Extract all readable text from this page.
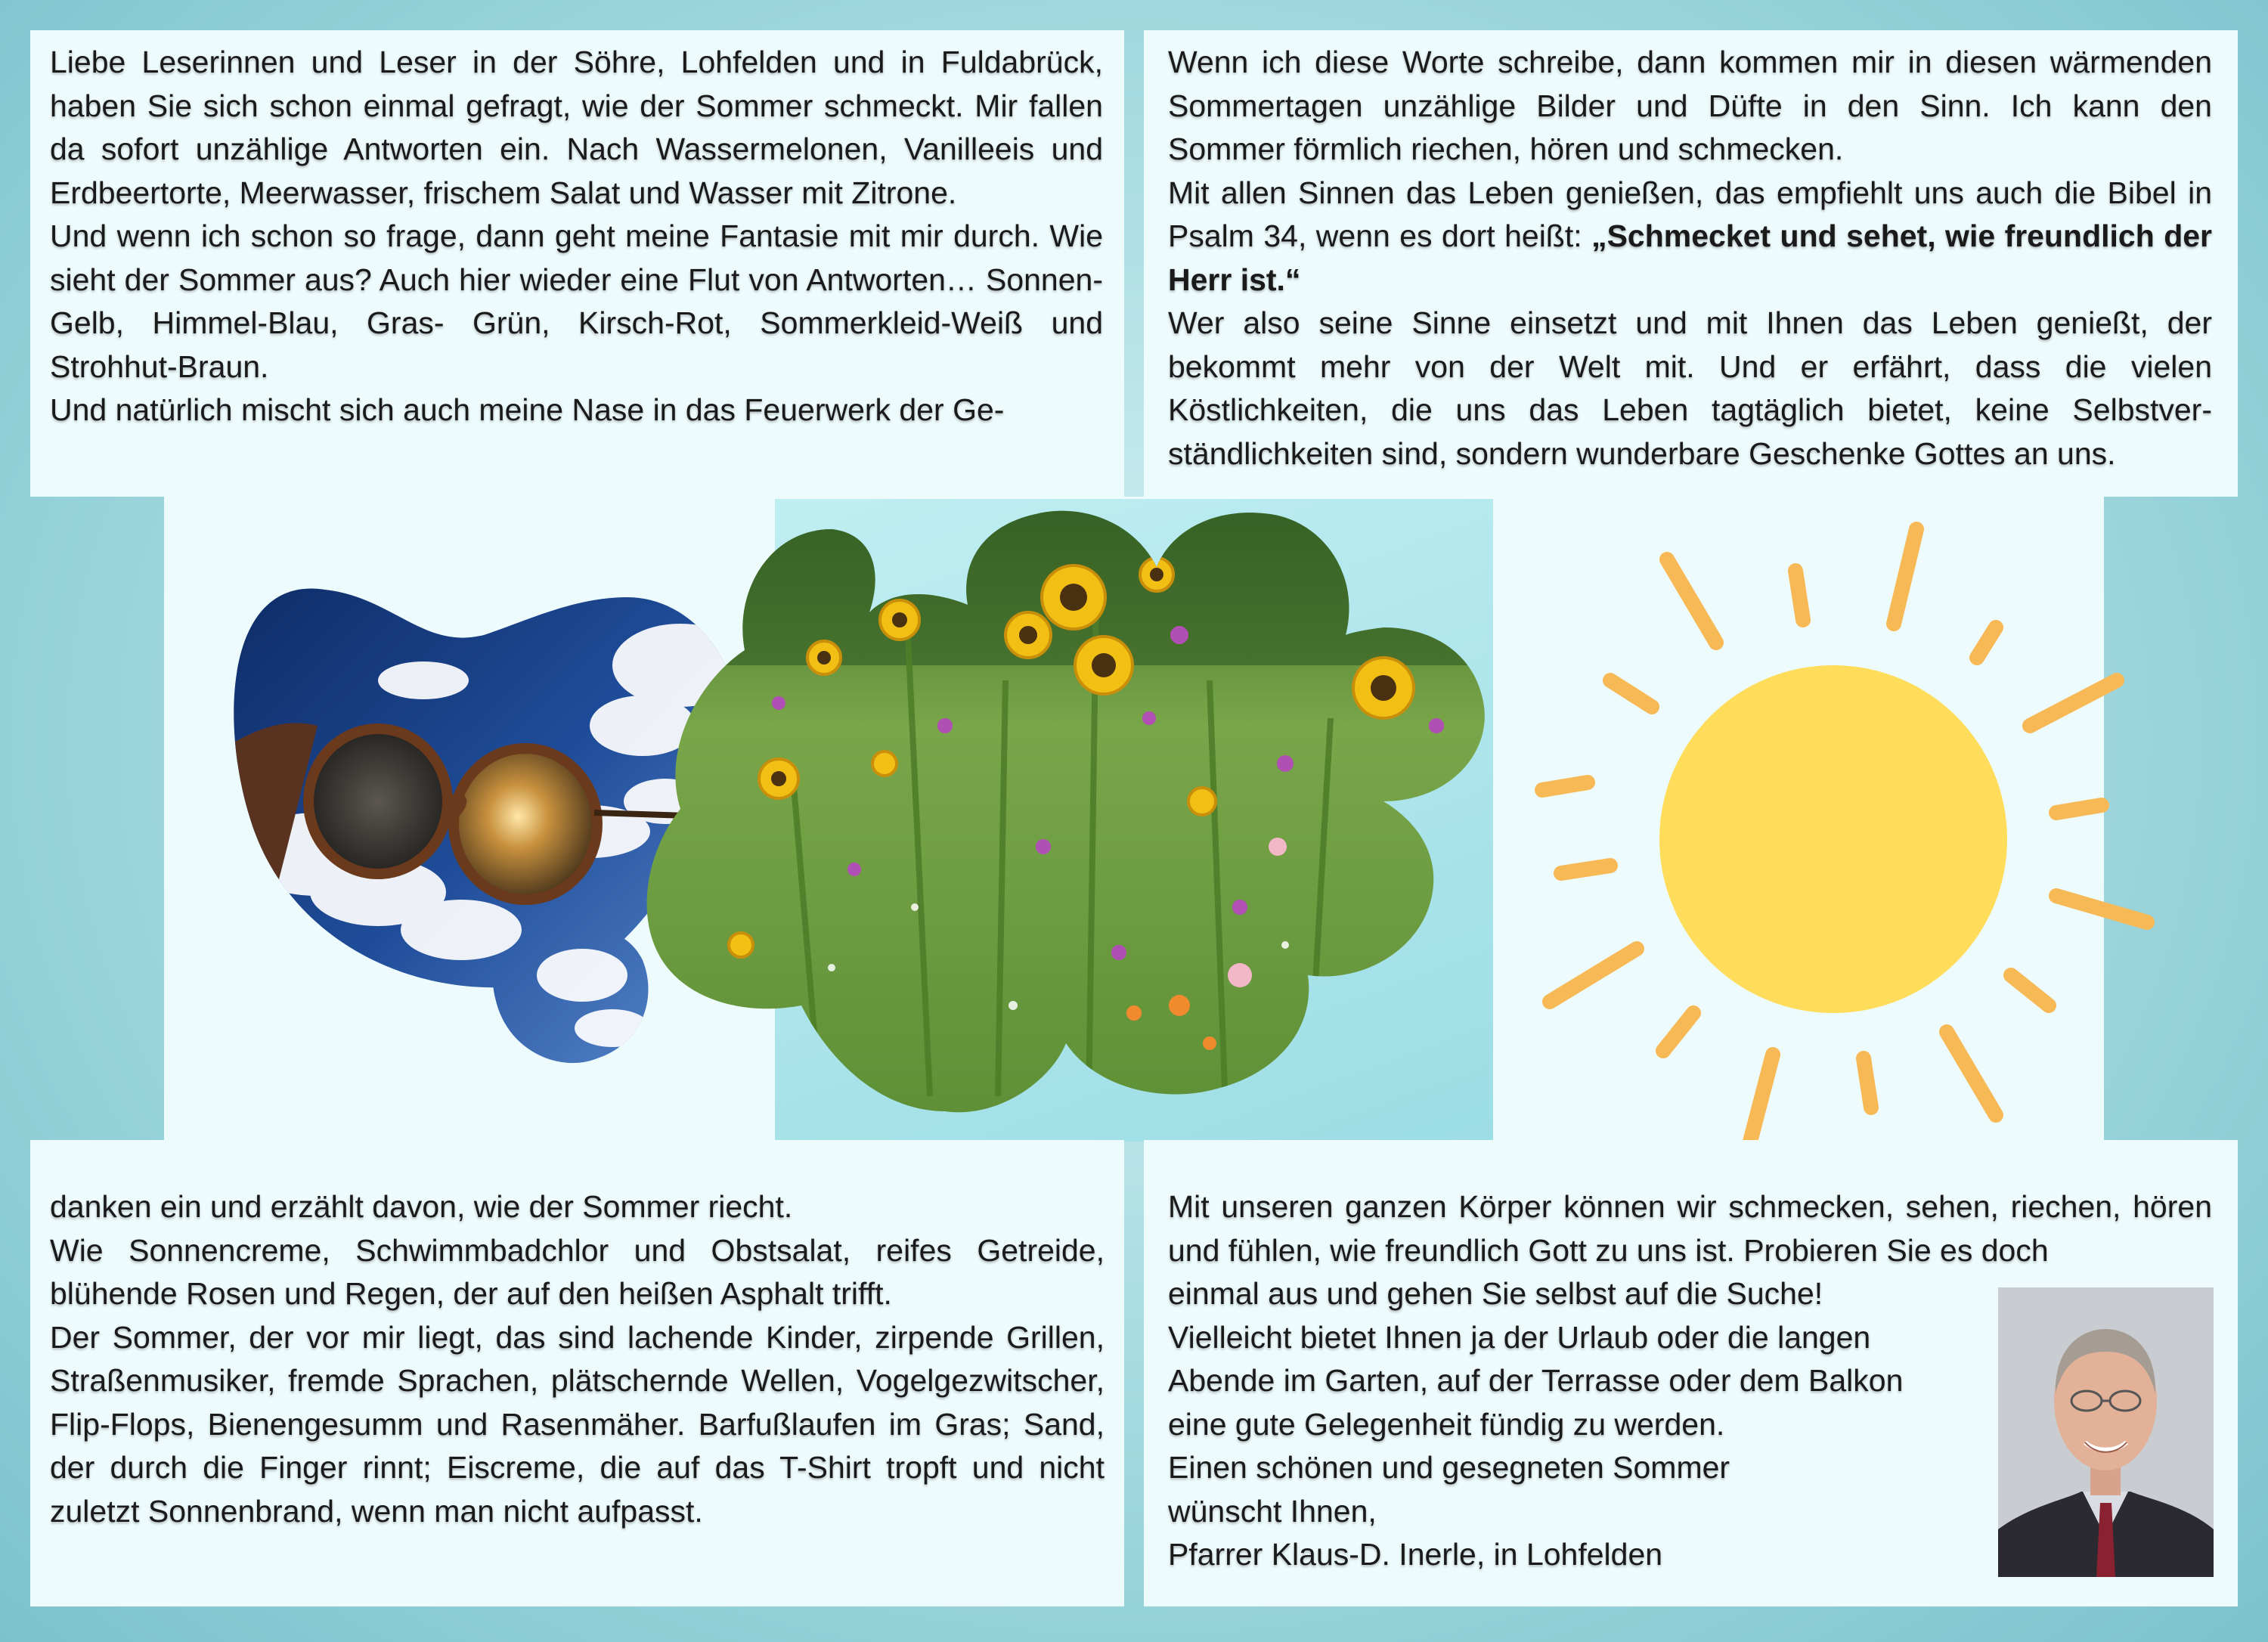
Liebe Leserinnen und Leser in der Söhre, Lohfelden und in Fuldabrück, haben Sie sich schon einmal gefragt, wie der Sommer schmeckt. Mir fallen da sofort unzählige Antworten ein. Nach Wassermelonen, Vanilleeis und Erdbeertorte, Meerwasser, frischem Salat und Wasser mit Zitrone.

Und wenn ich schon so frage, dann geht meine Fantasie mit mir durch. Wie sieht der Sommer aus? Auch hier wieder eine Flut von Antworten… Sonnen-Gelb, Himmel-Blau, Gras- Grün, Kirsch-Rot, Sommerkleid-Weiß und Strohhut-Braun.

Und natürlich mischt sich auch meine Nase in das Feuerwerk der Ge-

Wenn ich diese Worte schreibe, dann kommen mir in diesen wärmenden Sommertagen unzählige Bilder und Düfte in den Sinn. Ich kann den Sommer förmlich riechen, hören und schmecken.

Mit allen Sinnen das Leben genießen, das empfiehlt uns auch die Bibel in Psalm 34, wenn es dort heißt: „Schmecket und sehet, wie freundlich der Herr ist.“

Wer also seine Sinne einsetzt und mit Ihnen das Leben genießt, der bekommt mehr von der Welt mit. Und er erfährt, dass die vielen Köstlichkeiten, die uns das Leben tagtäglich bietet, keine Selbstver-ständlichkeiten sind, sondern wunderbare Geschenke Gottes an uns.

danken ein und erzählt davon, wie der Sommer riecht.

Wie Sonnencreme, Schwimmbadchlor und Obstsalat, reifes Getreide, blühende Rosen und Regen, der auf den heißen Asphalt trifft.

Der Sommer, der vor mir liegt, das sind lachende Kinder, zirpende Grillen, Straßenmusiker, fremde Sprachen, plätschernde Wellen, Vogelgezwitscher, Flip-Flops, Bienengesumm und Rasenmäher. Barfußlaufen im Gras; Sand, der durch die Finger rinnt; Eiscreme, die auf das T-Shirt tropft und nicht zuletzt Sonnenbrand, wenn man nicht aufpasst.

Mit unseren ganzen Körper können wir schmecken, sehen, riechen, hören und fühlen, wie freundlich Gott zu uns ist. Probieren Sie es doch

einmal aus und gehen Sie selbst auf die Suche!
Vielleicht bietet Ihnen ja der Urlaub oder die langen
Abende im Garten, auf der Terrasse oder dem Balkon
eine gute Gelegenheit fündig zu werden.
Einen schönen und gesegneten Sommer
wünscht Ihnen,
Pfarrer Klaus-D. Inerle, in Lohfelden
